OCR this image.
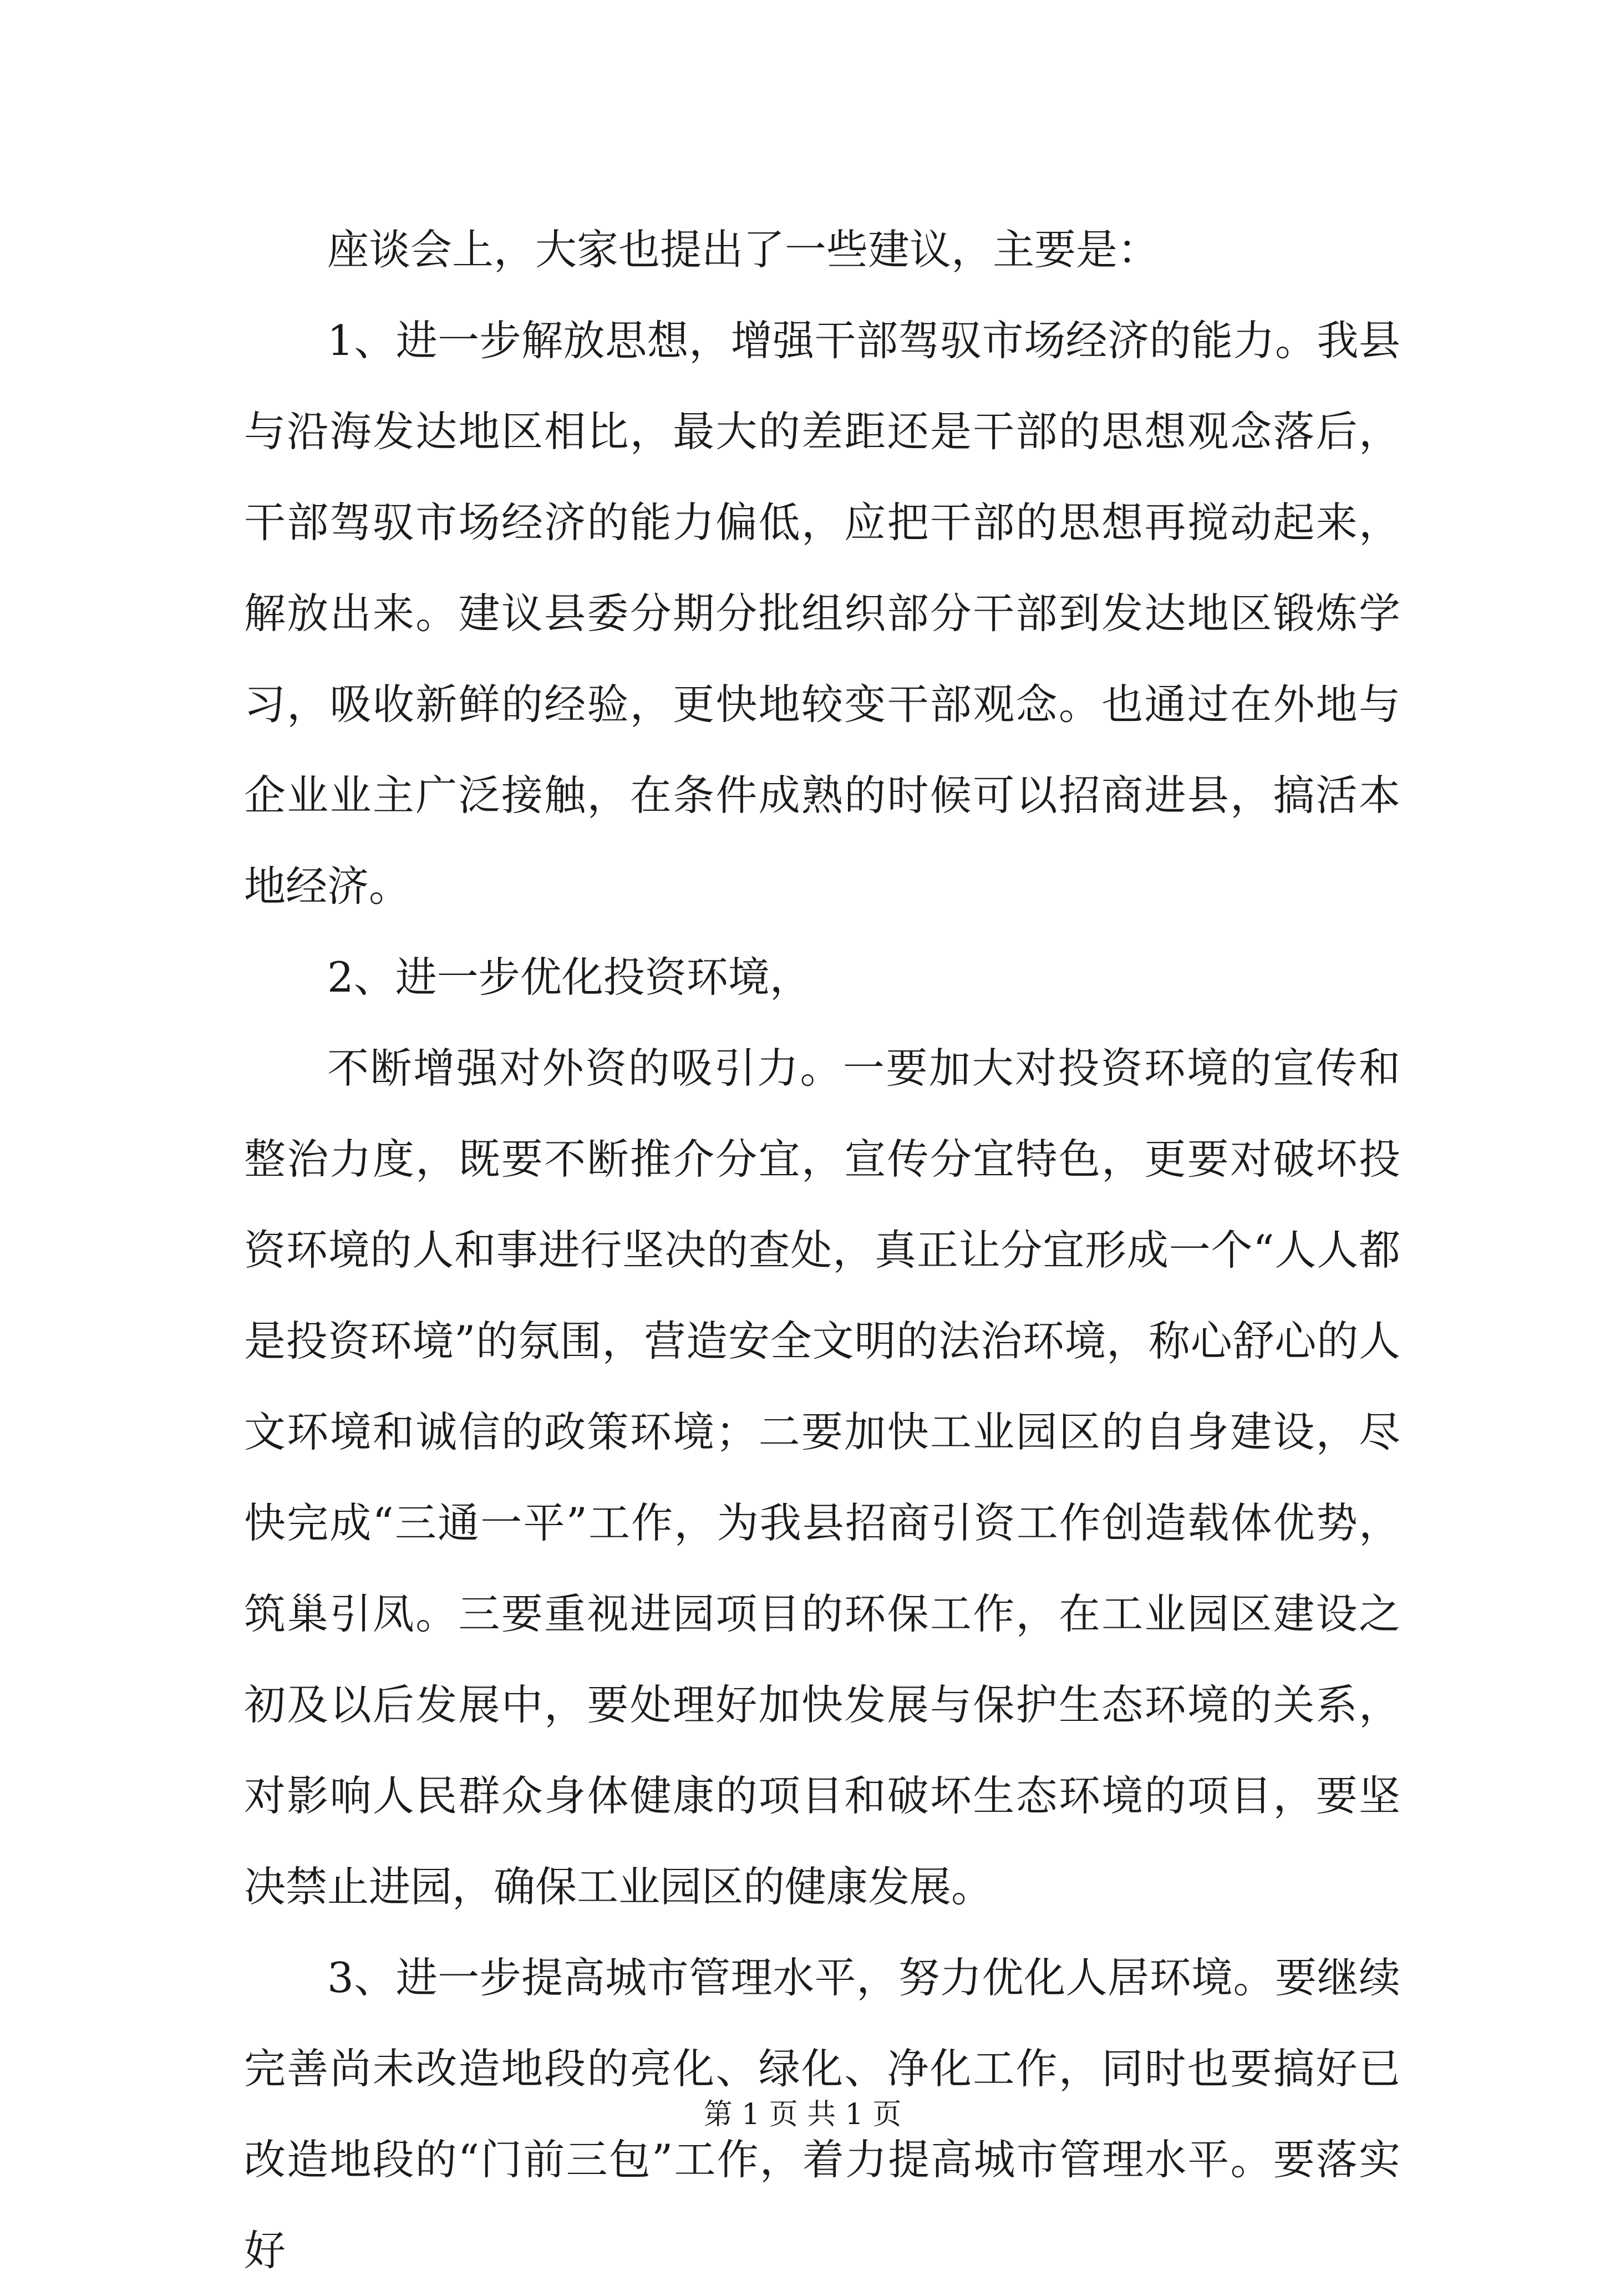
座谈会上，大家也提出了一些建议，主要是：

1、进一步解放思想，增强干部驾驭市场经济的能力。我县与沿海发达地区相比，最大的差距还是干部的思想观念落后，干部驾驭市场经济的能力偏低，应把干部的思想再搅动起来，解放出来。建议县委分期分批组织部分干部到发达地区锻炼学习，吸收新鲜的经验，更快地较变干部观念。也通过在外地与企业业主广泛接触，在条件成熟的时候可以招商进县，搞活本地经济。

2、进一步优化投资环境，

不断增强对外资的吸引力。一要加大对投资环境的宣传和整治力度，既要不断推介分宜，宣传分宜特色，更要对破坏投资环境的人和事进行坚决的查处，真正让分宜形成一个“人人都是投资环境”的氛围，营造安全文明的法治环境，称心舒心的人文环境和诚信的政策环境；二要加快工业园区的自身建设，尽快完成“三通一平”工作，为我县招商引资工作创造载体优势，筑巢引凤。三要重视进园项目的环保工作，在工业园区建设之初及以后发展中，要处理好加快发展与保护生态环境的关系，对影响人民群众身体健康的项目和破坏生态环境的项目，要坚决禁止进园，确保工业园区的健康发展。

3、进一步提高城市管理水平，努力优化人居环境。要继续完善尚未改造地段的亮化、绿化、净化工作，同时也要搞好已改造地段的“门前三包”工作，着力提高城市管理水平。要落实好

第 1 页 共 1 页
